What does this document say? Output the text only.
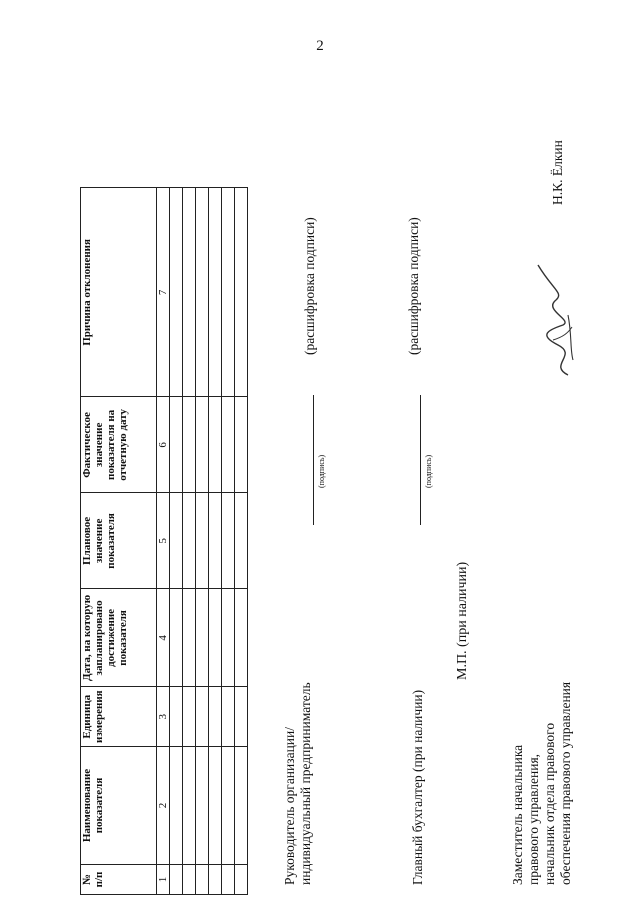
2
№ п/п	Наименование показателя	Единица измерения	Дата, на которую запланировано достижение показателя	Плановое значение показателя	Фактическое значение показателя на отчетную дату	Причина отклонения
1	2	3	4	5	6	7

Руководитель организации/ индивидуальный предприниматель
(подпись)
(расшифровка подписи)
Главный бухгалтер (при наличии)
(подпись)
(расшифровка подписи)
М.П. (при наличии)
Заместитель начальника правового управления, начальник отдела правового обеспечения правового управления
Н.К. Ёлкин
